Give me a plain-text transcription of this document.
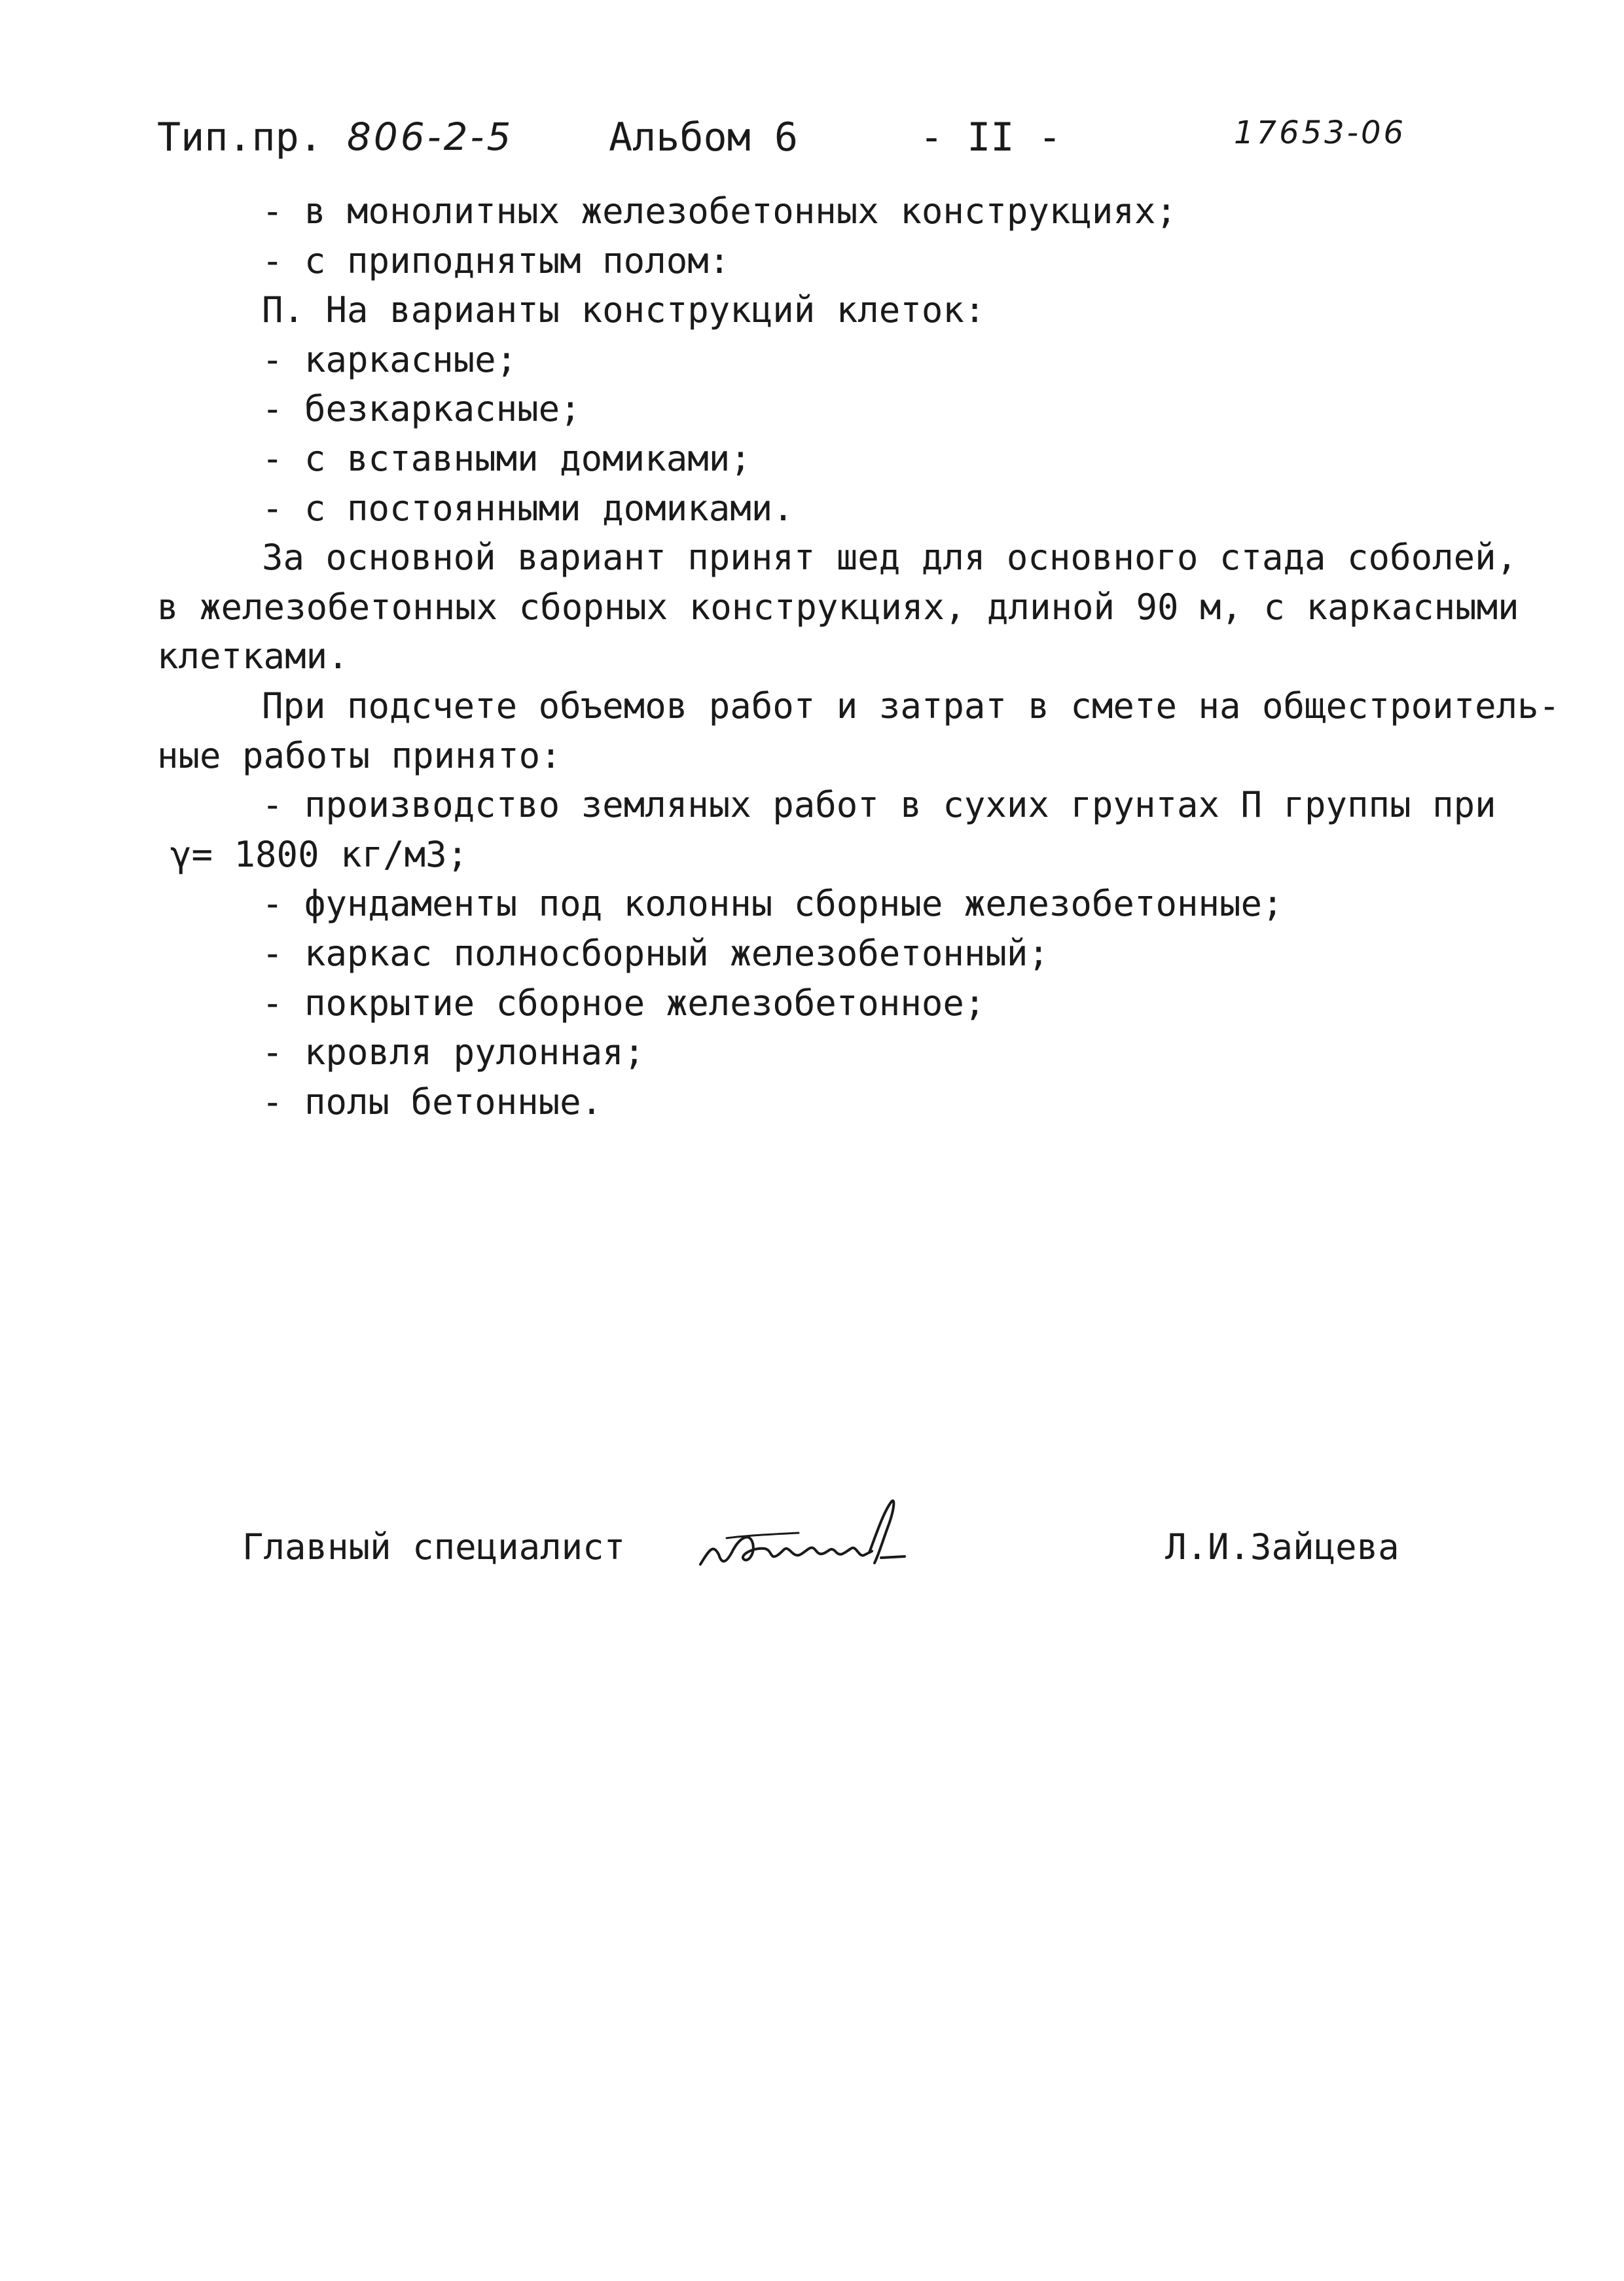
Тип.пр. 806-2-5 Альбом 6	- II -	17653-06
- в монолитных железобетонных конструкциях;
- с приподнятым полом:
П. На варианты конструкций клеток:
- каркасные;
- безкаркасные;
- с вставными домиками;
- с постоянными домиками.
За основной вариант принят шед для основного стада соболей,
в железобетонных сборных конструкциях, длиной 90 м, с каркасными
клетками.
При подсчете объемов работ и затрат в смете на общестроитель-
ные работы принято:
- производство земляных работ в сухих грунтах П группы при
γ= 1800 кг/м3;
- фундаменты под колонны сборные железобетонные;
- каркас полносборный железобетонный;
- покрытие сборное железобетонное;
- кровля рулонная;
- полы бетонные.
Главный специалист	Л.И.Зайцева
